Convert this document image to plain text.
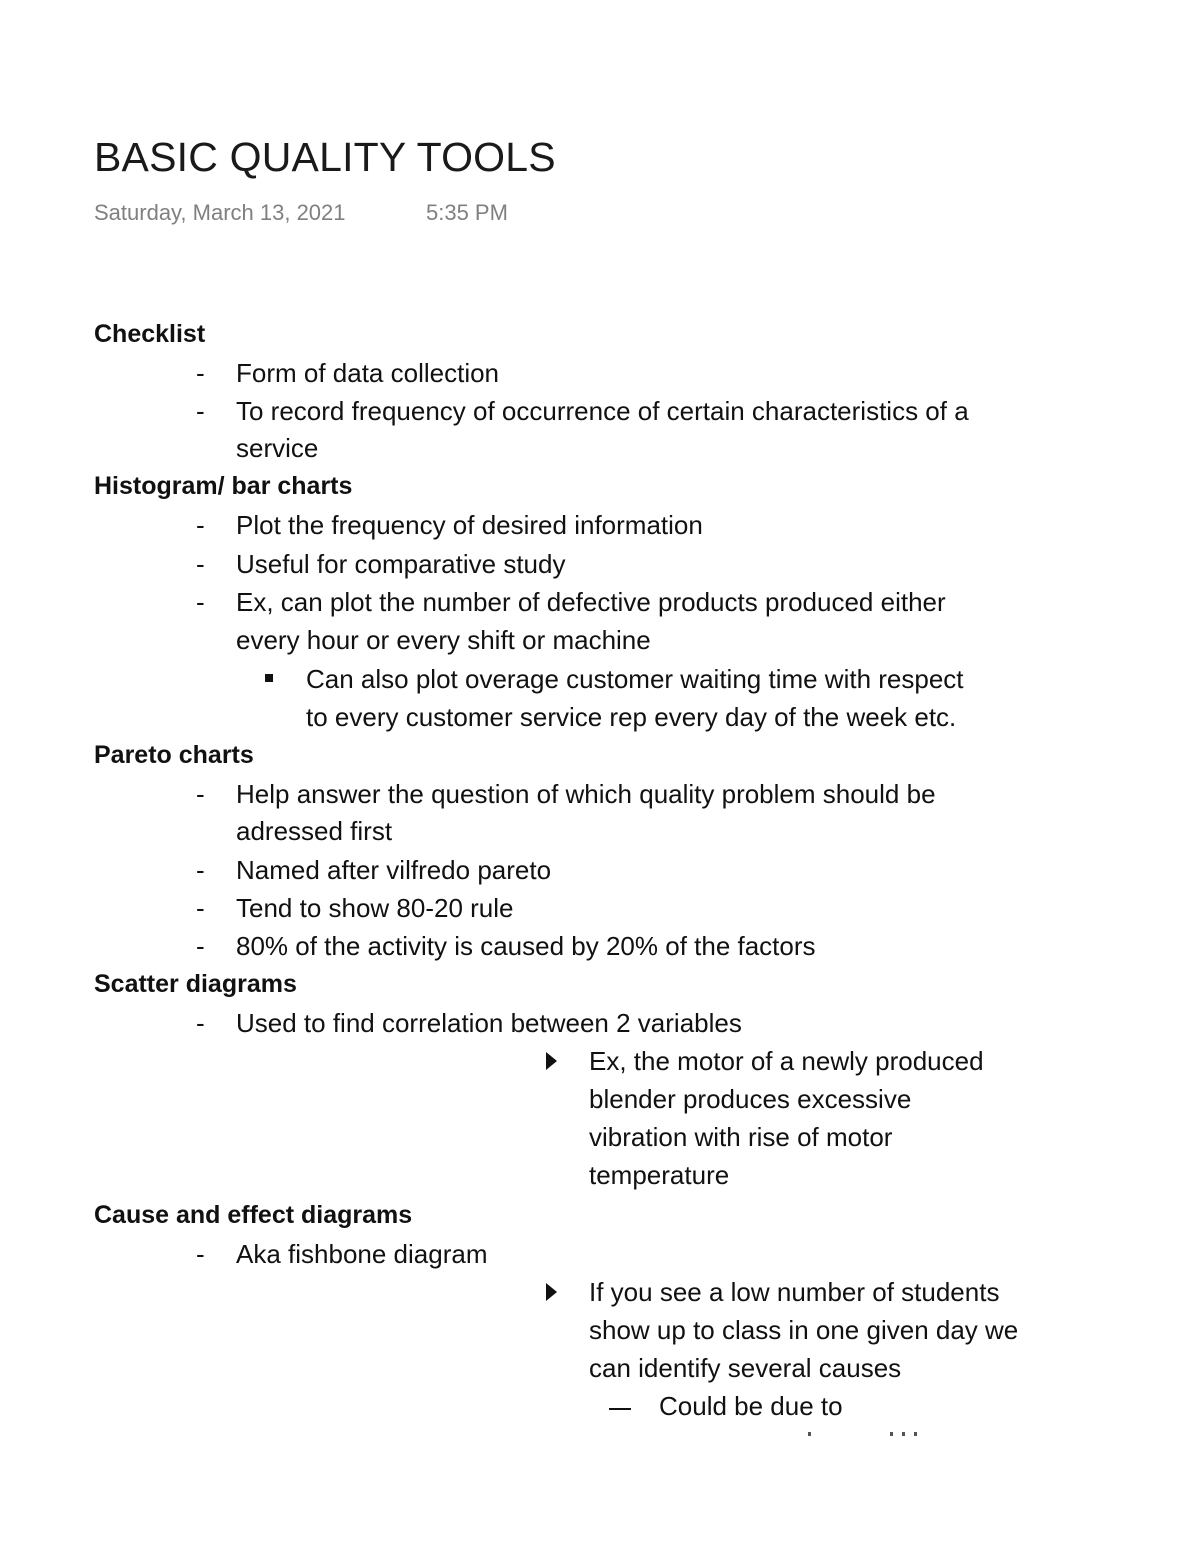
BASIC QUALITY TOOLS
Saturday, March 13, 2021	5:35 PM
Checklist
- Form of data collection
- To record frequency of occurrence of certain characteristics of a
service
Histogram/ bar charts
- Plot the frequency of desired information
- Useful for comparative study
- Ex, can plot the number of defective products produced either
every hour or every shift or machine
Can also plot overage customer waiting time with respect
to every customer service rep every day of the week etc.
Pareto charts
- Help answer the question of which quality problem should be
adressed first
- Named after vilfredo pareto
- Tend to show 80-20 rule
- 80% of the activity is caused by 20% of the factors
Scatter diagrams
- Used to find correlation between 2 variables
Ex, the motor of a newly produced
blender produces excessive
vibration with rise of motor
temperature
Cause and effect diagrams
- Aka fishbone diagram
If you see a low number of students
show up to class in one given day we
can identify several causes
Could be due to
